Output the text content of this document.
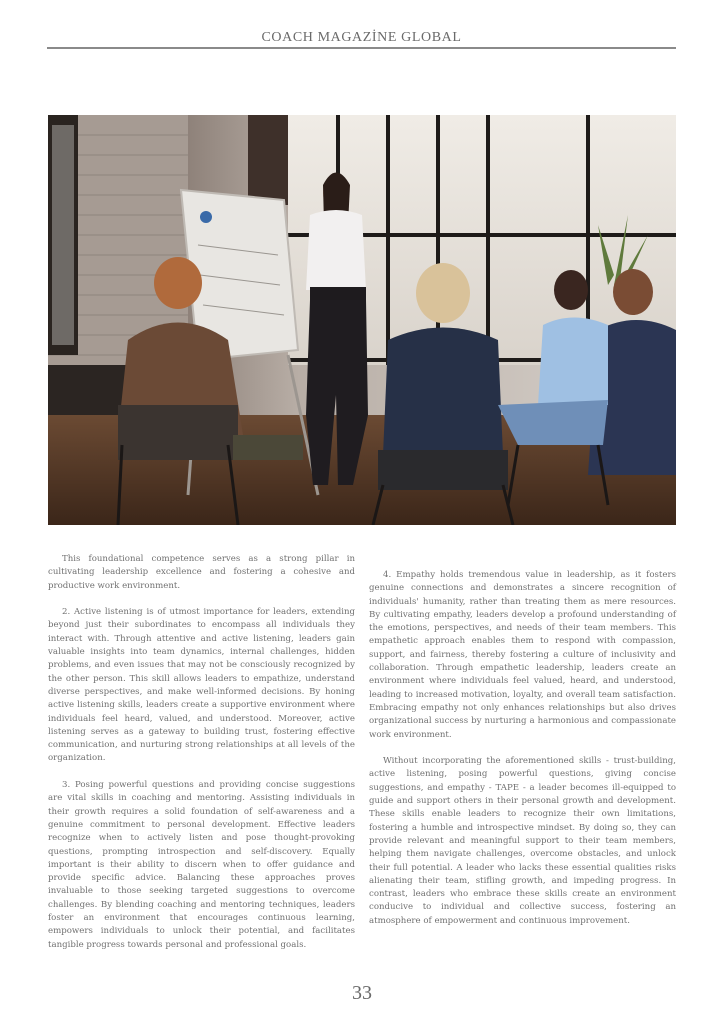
COACH MAGAZİNE GLOBAL

This foundational competence serves as a strong pillar in cultivating leadership excellence and fostering a cohesive and productive work environment.

2. Active listening is of utmost importance for leaders, extending beyond just their subordinates to encompass all individuals they interact with. Through attentive and active listening, leaders gain valuable insights into team dynamics, internal challenges, hidden problems, and even issues that may not be consciously recognized by the other person. This skill allows leaders to empathize, understand diverse perspectives, and make well-informed decisions. By honing active listening skills, leaders create a supportive environment where individuals feel heard, valued, and understood. Moreover, active listening serves as a gateway to building trust, fostering effective communication, and nurturing strong relationships at all levels of the organization.

3. Posing powerful questions and providing concise suggestions are vital skills in coaching and mentoring. Assisting individuals in their growth requires a solid foundation of self-awareness and a genuine commitment to personal development. Effective leaders recognize when to actively listen and pose thought-provoking questions, prompting introspection and self-discovery. Equally important is their ability to discern when to offer guidance and provide specific advice. Balancing these approaches proves invaluable to those seeking targeted suggestions to overcome challenges. By blending coaching and mentoring techniques, leaders foster an environment that encourages continuous learning, empowers individuals to unlock their potential, and facilitates tangible progress towards personal and professional goals.

4. Empathy holds tremendous value in leadership, as it fosters genuine connections and demonstrates a sincere recognition of individuals' humanity, rather than treating them as mere resources. By cultivating empathy, leaders develop a profound understanding of the emotions, perspectives, and needs of their team members. This empathetic approach enables them to respond with compassion, support, and fairness, thereby fostering a culture of inclusivity and collaboration. Through empathetic leadership, leaders create an environment where individuals feel valued, heard, and understood, leading to increased motivation, loyalty, and overall team satisfaction. Embracing empathy not only enhances relationships but also drives organizational success by nurturing a harmonious and compassionate work environment.

Without incorporating the aforementioned skills - trust-building, active listening, posing powerful questions, giving concise suggestions, and empathy - TAPE - a leader becomes ill-equipped to guide and support others in their personal growth and development. These skills enable leaders to recognize their own limitations, fostering a humble and introspective mindset. By doing so, they can provide relevant and meaningful support to their team members, helping them navigate challenges, overcome obstacles, and unlock their full potential. A leader who lacks these essential qualities risks alienating their team, stifling growth, and impeding progress. In contrast, leaders who embrace these skills create an environment conducive to individual and collective success, fostering an atmosphere of empowerment and continuous improvement.

33
